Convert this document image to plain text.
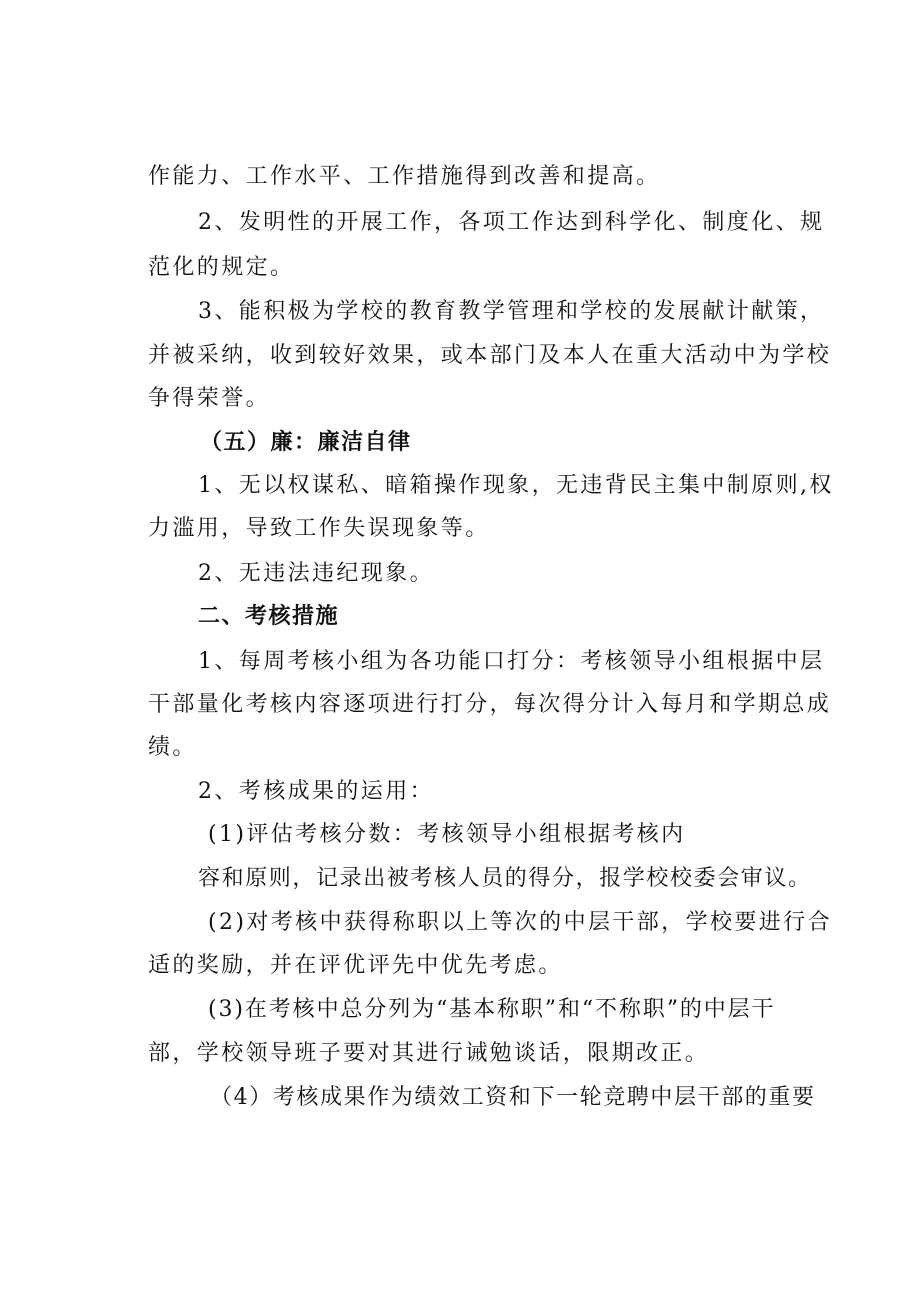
作能力、工作水平、工作措施得到改善和提高。
2、发明性的开展工作，各项工作达到科学化、制度化、规
范化的规定。
3、能积极为学校的教育教学管理和学校的发展献计献策，
并被采纳，收到较好效果，或本部门及本人在重大活动中为学校
争得荣誉。
（五）廉：廉洁自律
1、无以权谋私、暗箱操作现象，无违背民主集中制原则,权
力滥用，导致工作失误现象等。
2、无违法违纪现象。
二、考核措施
1、每周考核小组为各功能口打分：考核领导小组根据中层
干部量化考核内容逐项进行打分，每次得分计入每月和学期总成
绩。
2、考核成果的运用：
(1)评估考核分数：考核领导小组根据考核内
容和原则，记录出被考核人员的得分，报学校校委会审议。
(2)对考核中获得称职以上等次的中层干部，学校要进行合
适的奖励，并在评优评先中优先考虑。
(3)在考核中总分列为“基本称职”和“不称职”的中层干
部，学校领导班子要对其进行诫勉谈话，限期改正。
（4）考核成果作为绩效工资和下一轮竞聘中层干部的重要
